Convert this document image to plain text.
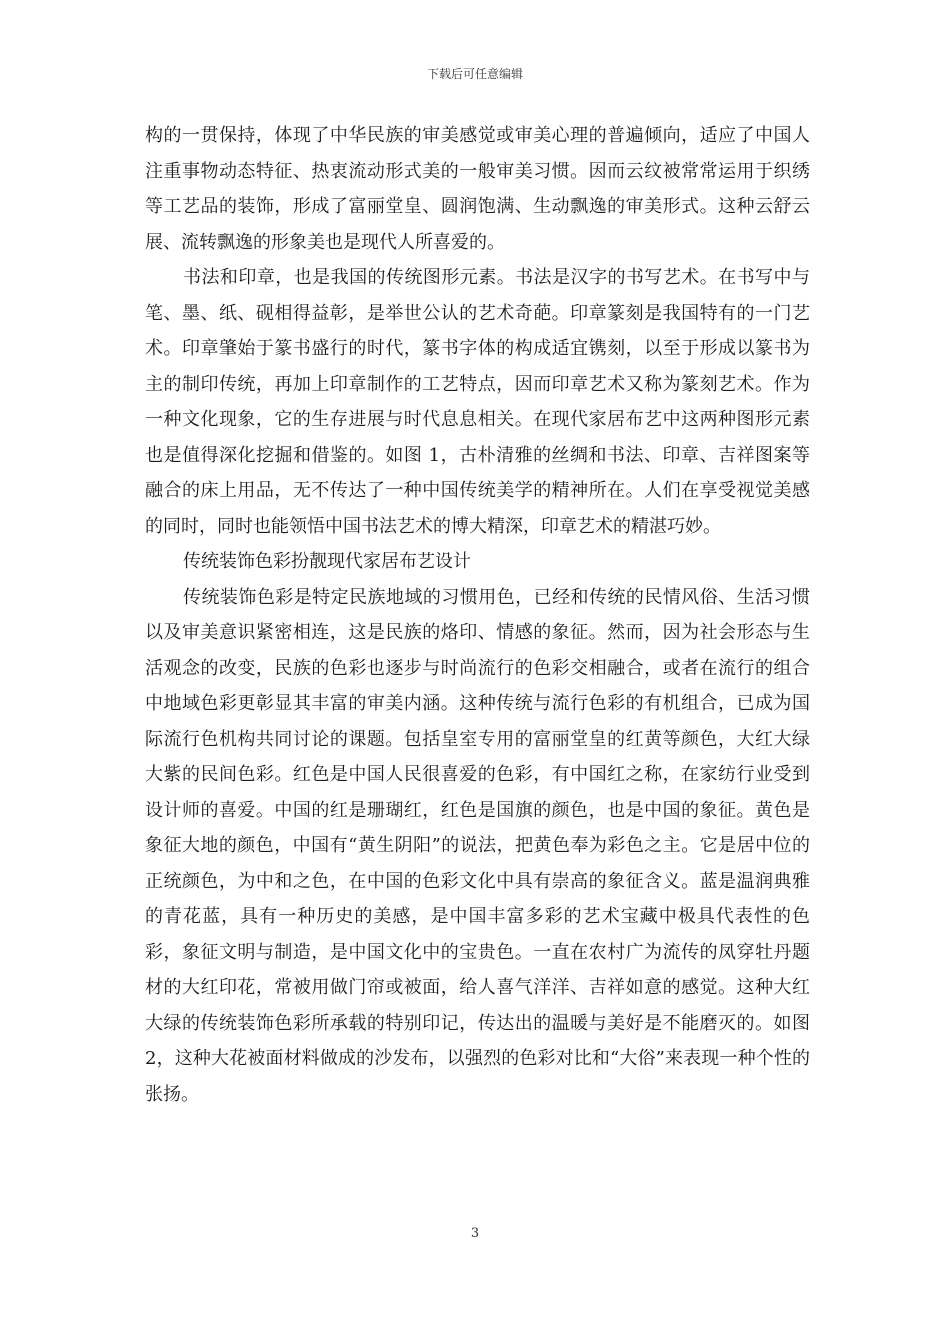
下载后可任意编辑

构的一贯保持，体现了中华民族的审美感觉或审美心理的普遍倾向，适应了中国人注重事物动态特征、热衷流动形式美的一般审美习惯。因而云纹被常常运用于织绣等工艺品的装饰，形成了富丽堂皇、圆润饱满、生动飘逸的审美形式。这种云舒云展、流转飘逸的形象美也是现代人所喜爱的。

书法和印章，也是我国的传统图形元素。书法是汉字的书写艺术。在书写中与笔、墨、纸、砚相得益彰，是举世公认的艺术奇葩。印章篆刻是我国特有的一门艺术。印章肇始于篆书盛行的时代，篆书字体的构成适宜镌刻，以至于形成以篆书为主的制印传统，再加上印章制作的工艺特点，因而印章艺术又称为篆刻艺术。作为一种文化现象，它的生存进展与时代息息相关。在现代家居布艺中这两种图形元素也是值得深化挖掘和借鉴的。如图 1，古朴清雅的丝绸和书法、印章、吉祥图案等融合的床上用品，无不传达了一种中国传统美学的精神所在。人们在享受视觉美感的同时，同时也能领悟中国书法艺术的博大精深，印章艺术的精湛巧妙。

传统装饰色彩扮靓现代家居布艺设计

传统装饰色彩是特定民族地域的习惯用色，已经和传统的民情风俗、生活习惯以及审美意识紧密相连，这是民族的烙印、情感的象征。然而，因为社会形态与生活观念的改变，民族的色彩也逐步与时尚流行的色彩交相融合，或者在流行的组合中地域色彩更彰显其丰富的审美内涵。这种传统与流行色彩的有机组合，已成为国际流行色机构共同讨论的课题。包括皇室专用的富丽堂皇的红黄等颜色，大红大绿大紫的民间色彩。红色是中国人民很喜爱的色彩，有中国红之称，在家纺行业受到设计师的喜爱。中国的红是珊瑚红，红色是国旗的颜色，也是中国的象征。黄色是象征大地的颜色，中国有“黄生阴阳”的说法，把黄色奉为彩色之主。它是居中位的正统颜色，为中和之色，在中国的色彩文化中具有崇高的象征含义。蓝是温润典雅的青花蓝，具有一种历史的美感，是中国丰富多彩的艺术宝藏中极具代表性的色彩，象征文明与制造，是中国文化中的宝贵色。一直在农村广为流传的凤穿牡丹题材的大红印花，常被用做门帘或被面，给人喜气洋洋、吉祥如意的感觉。这种大红大绿的传统装饰色彩所承载的特别印记，传达出的温暖与美好是不能磨灭的。如图 2，这种大花被面材料做成的沙发布，以强烈的色彩对比和“大俗”来表现一种个性的张扬。

3
